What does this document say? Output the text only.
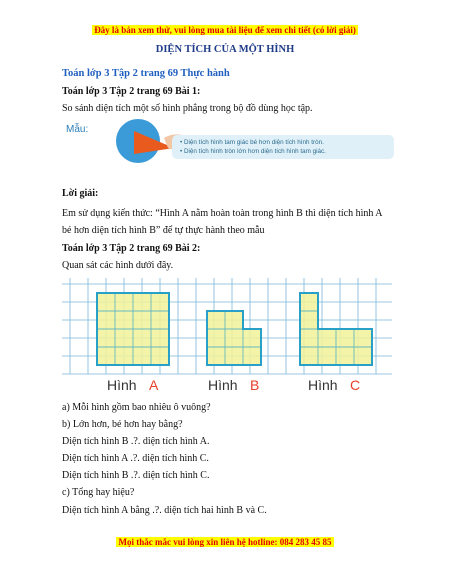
Đây là bản xem thử, vui lòng mua tài liệu để xem chi tiết (có lời giải)
DIỆN TÍCH CỦA MỘT HÌNH
Toán lớp 3 Tập 2 trang 69 Thực hành
Toán lớp 3 Tập 2 trang 69 Bài 1:
So sánh diện tích một số hình phẳng trong bộ đồ dùng học tập.
Mẫu:
• Diện tích hình tam giác bé hơn diện tích hình tròn.
• Diện tích hình tròn lớn hơn diện tích hình tam giác.
Lời giải:
Em sử dụng kiến thức: “Hình A nằm hoàn toàn trong hình B thì diện tích hình A
bé hơn diện tích hình B” để tự thực hành theo mẫu
Toán lớp 3 Tập 2 trang 69 Bài 2:
Quan sát các hình dưới đây.
Hình A	Hình B	Hình C
a) Mỗi hình gồm bao nhiêu ô vuông?
b) Lớn hơn, bé hơn hay bằng?
Diện tích hình B .?. diện tích hình A.
Diện tích hình A .?. diện tích hình C.
Diện tích hình B .?. diện tích hình C.
c) Tổng hay hiệu?
Diện tích hình A bằng .?. diện tích hai hình B và C.
Mọi thắc mắc vui lòng xin liên hệ hotline: 084 283 45 85
